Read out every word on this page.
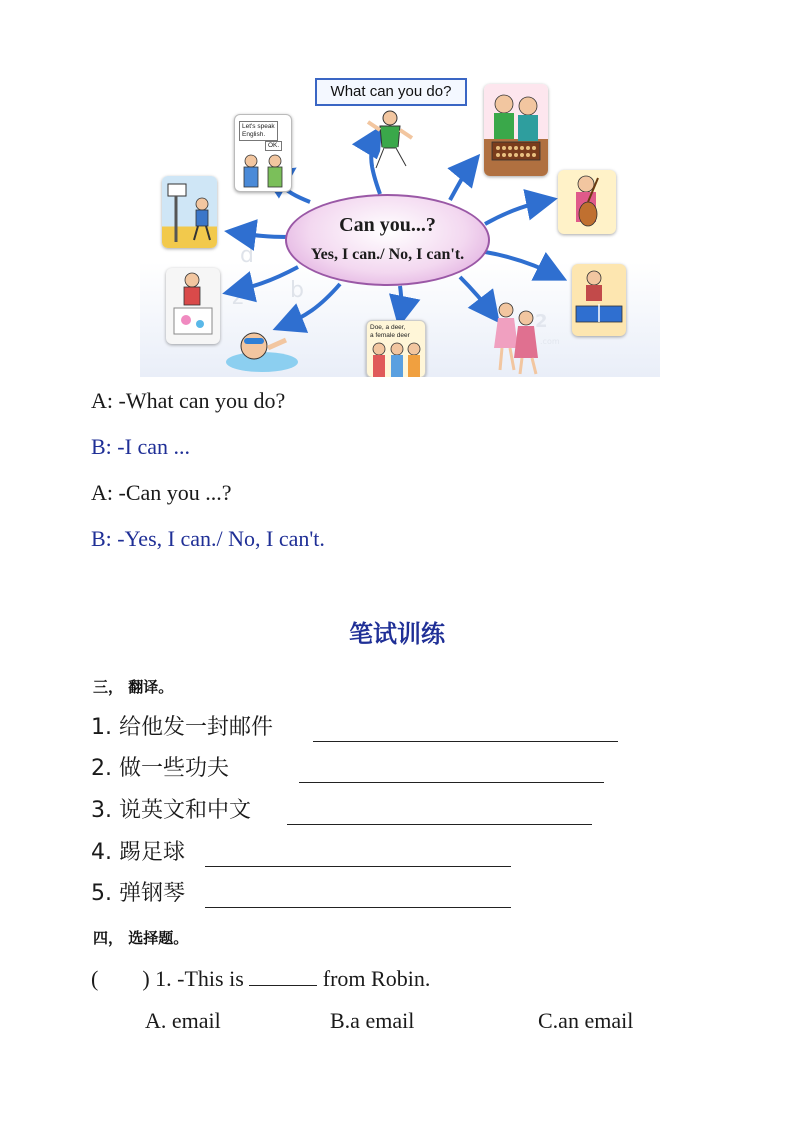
d
z b
2
.com
What can you do?
Let's speak
English.
OK.
Can you...?
Yes, I can./ No, I can't.
Doe, a deer,
a female deer
A: -What can you do?
B: -I can ...
A: -Can you ...?
B: -Yes, I can./ No, I can't.
笔试训练
三， 翻译。
1. 给他发一封邮件
2. 做一些功夫
3. 说英文和中文
4. 踢足球
5. 弹钢琴
四， 选择题。
(        ) 1. -This is	from Robin.
A. email	B.a email	C.an email
